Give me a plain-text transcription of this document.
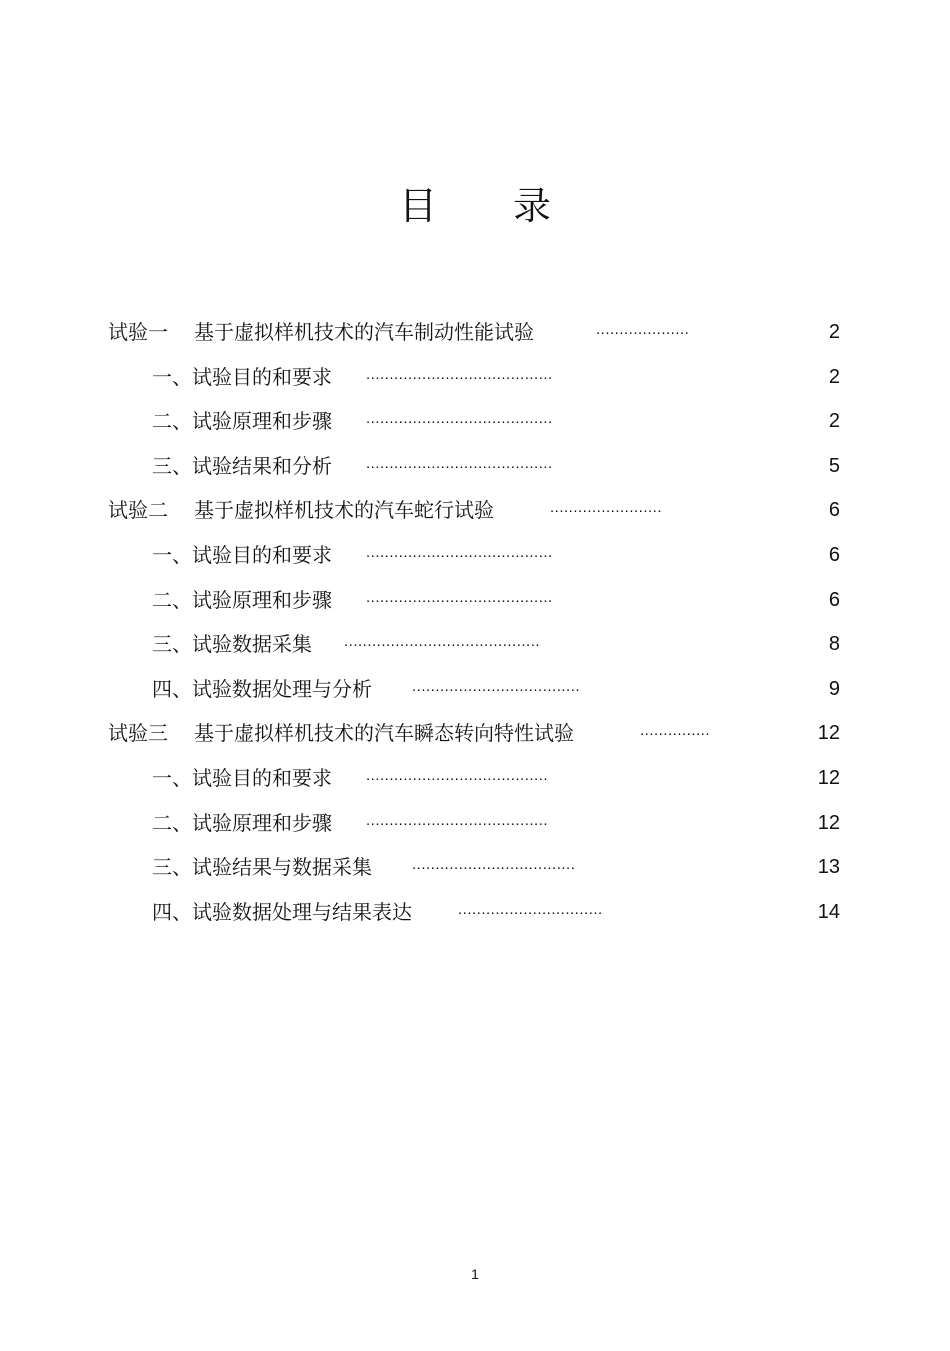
目 录
试验一 基于虚拟样机技术的汽车制动性能试验	....................	2
一、试验目的和要求 ........................................	2
二、试验原理和步骤 ........................................	2
三、试验结果和分析 ........................................	5
试验二 基于虚拟样机技术的汽车蛇行试验	........................	6
一、试验目的和要求 ........................................	6
二、试验原理和步骤 ........................................	6
三、试验数据采集 ..........................................	8
四、试验数据处理与分析	....................................	9
试验三 基于虚拟样机技术的汽车瞬态转向特性试验	...............	12
一、试验目的和要求 .......................................	12
二、试验原理和步骤 .......................................	12
三、试验结果与数据采集	...................................	13
四、试验数据处理与结果表达	...............................	14
1
